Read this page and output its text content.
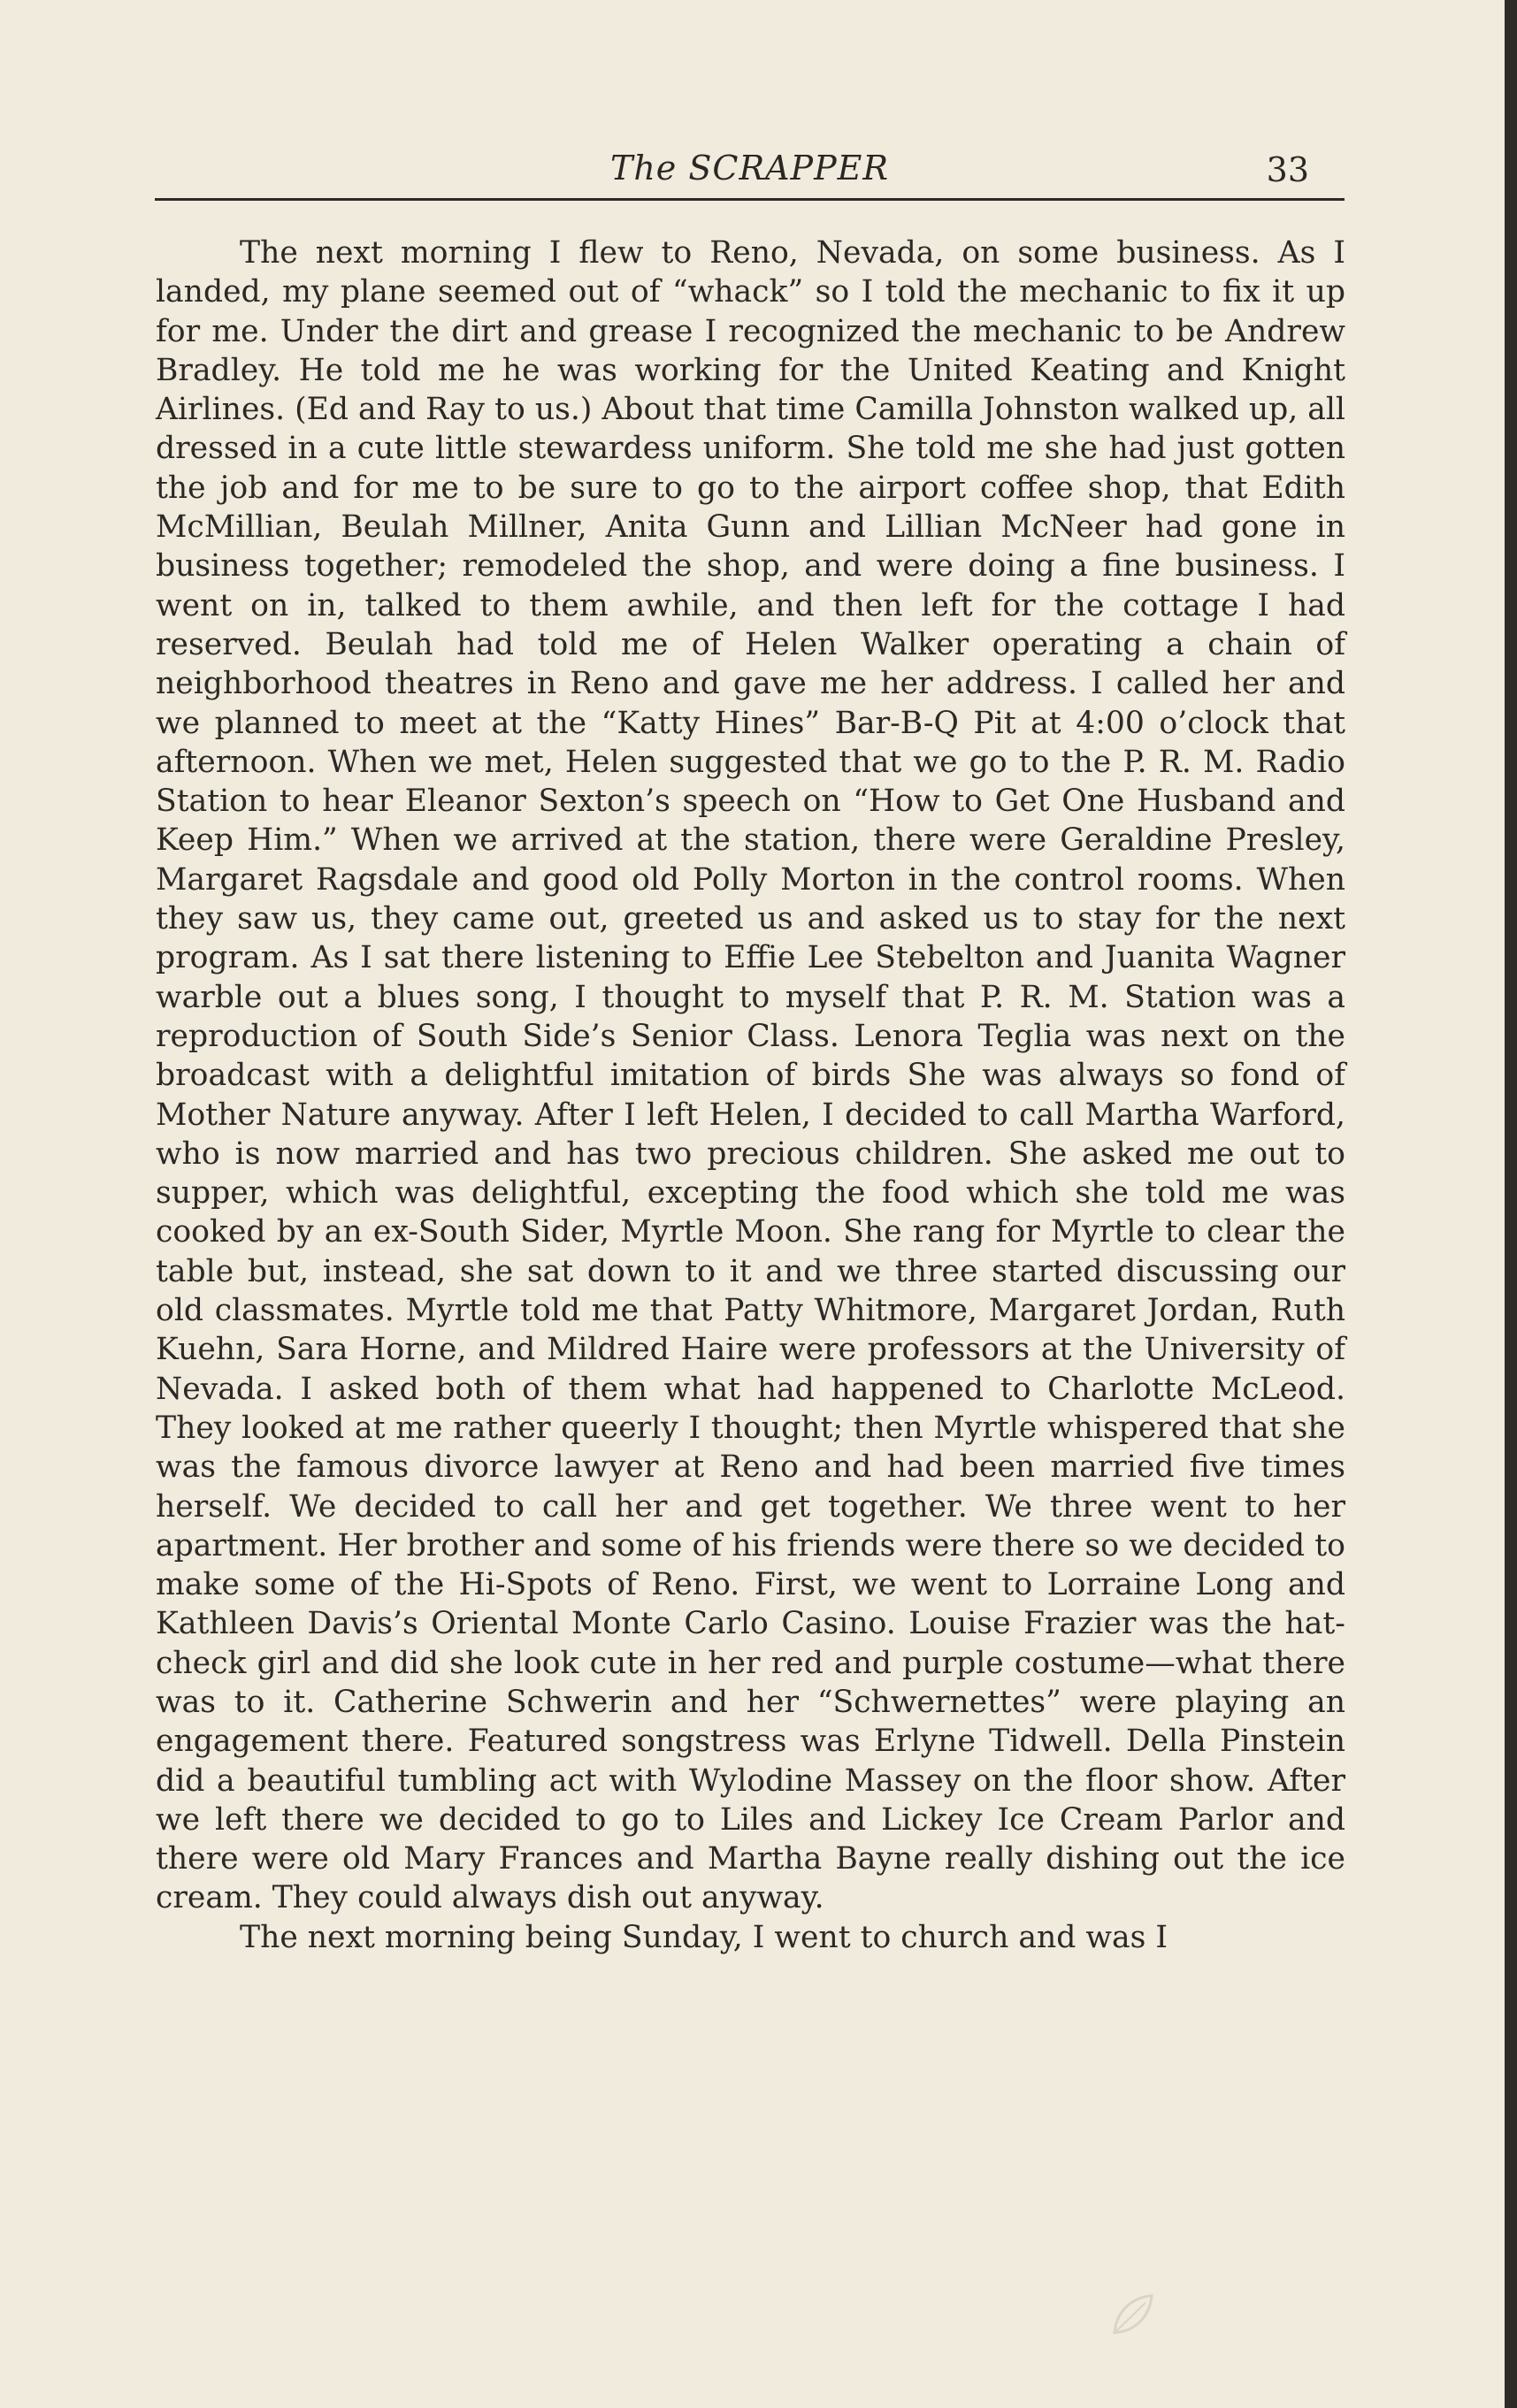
The SCRAPPER	33

The next morning I flew to Reno, Nevada, on some business. As I landed, my plane seemed out of “whack” so I told the mechanic to fix it up for me. Under the dirt and grease I recognized the mechanic to be Andrew Bradley. He told me he was working for the United Keating and Knight Airlines. (Ed and Ray to us.) About that time Camilla Johnston walked up, all dressed in a cute little stewardess uniform. She told me she had just gotten the job and for me to be sure to go to the airport coffee shop, that Edith McMillian, Beulah Millner, Anita Gunn and Lillian McNeer had gone in business together; remodeled the shop, and were doing a fine business. I went on in, talked to them awhile, and then left for the cottage I had reserved. Beulah had told me of Helen Walker operating a chain of neighborhood theatres in Reno and gave me her address. I called her and we planned to meet at the “Katty Hines” Bar-B-Q Pit at 4:00 o’clock that afternoon. When we met, Helen suggested that we go to the P. R. M. Radio Station to hear Eleanor Sexton’s speech on “How to Get One Husband and Keep Him.” When we arrived at the station, there were Geraldine Presley, Margaret Ragsdale and good old Polly Morton in the control rooms. When they saw us, they came out, greeted us and asked us to stay for the next program. As I sat there listening to Effie Lee Stebelton and Juanita Wagner warble out a blues song, I thought to myself that P. R. M. Station was a reproduction of South Side’s Senior Class. Lenora Teglia was next on the broadcast with a delightful imitation of birds She was always so fond of Mother Nature anyway. After I left Helen, I decided to call Martha Warford, who is now married and has two precious children. She asked me out to supper, which was delightful, excepting the food which she told me was cooked by an ex-South Sider, Myrtle Moon. She rang for Myrtle to clear the table but, instead, she sat down to it and we three started discussing our old classmates. Myrtle told me that Patty Whitmore, Margaret Jordan, Ruth Kuehn, Sara Horne, and Mildred Haire were professors at the University of Nevada. I asked both of them what had happened to Charlotte McLeod. They looked at me rather queerly I thought; then Myrtle whispered that she was the famous divorce lawyer at Reno and had been married five times herself. We decided to call her and get together. We three went to her apartment. Her brother and some of his friends were there so we decided to make some of the Hi-Spots of Reno. First, we went to Lorraine Long and Kathleen Davis’s Oriental Monte Carlo Casino. Louise Frazier was the hat-check girl and did she look cute in her red and purple costume—what there was to it. Catherine Schwerin and her “Schwernettes” were playing an engagement there. Featured songstress was Erlyne Tidwell. Della Pinstein did a beautiful tumbling act with Wylodine Massey on the floor show. After we left there we decided to go to Liles and Lickey Ice Cream Parlor and there were old Mary Frances and Martha Bayne really dishing out the ice cream. They could always dish out anyway.

The next morning being Sunday, I went to church and was I
